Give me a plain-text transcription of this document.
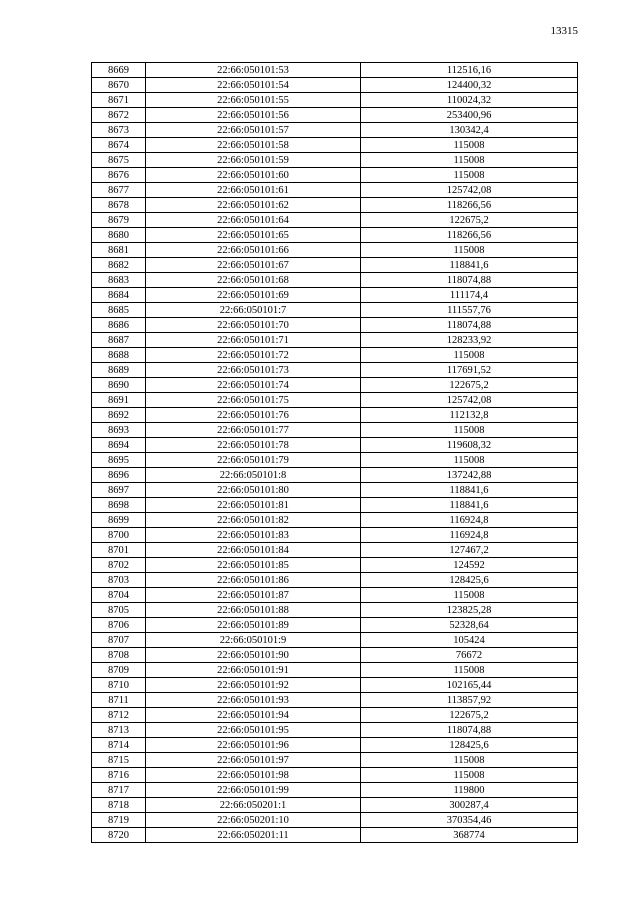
13315
8669	22:66:050101:53	112516,16
8670	22:66:050101:54	124400,32
8671	22:66:050101:55	110024,32
8672	22:66:050101:56	253400,96
8673	22:66:050101:57	130342,4
8674	22:66:050101:58	115008
8675	22:66:050101:59	115008
8676	22:66:050101:60	115008
8677	22:66:050101:61	125742,08
8678	22:66:050101:62	118266,56
8679	22:66:050101:64	122675,2
8680	22:66:050101:65	118266,56
8681	22:66:050101:66	115008
8682	22:66:050101:67	118841,6
8683	22:66:050101:68	118074,88
8684	22:66:050101:69	111174,4
8685	22:66:050101:7	111557,76
8686	22:66:050101:70	118074,88
8687	22:66:050101:71	128233,92
8688	22:66:050101:72	115008
8689	22:66:050101:73	117691,52
8690	22:66:050101:74	122675,2
8691	22:66:050101:75	125742,08
8692	22:66:050101:76	112132,8
8693	22:66:050101:77	115008
8694	22:66:050101:78	119608,32
8695	22:66:050101:79	115008
8696	22:66:050101:8	137242,88
8697	22:66:050101:80	118841,6
8698	22:66:050101:81	118841,6
8699	22:66:050101:82	116924,8
8700	22:66:050101:83	116924,8
8701	22:66:050101:84	127467,2
8702	22:66:050101:85	124592
8703	22:66:050101:86	128425,6
8704	22:66:050101:87	115008
8705	22:66:050101:88	123825,28
8706	22:66:050101:89	52328,64
8707	22:66:050101:9	105424
8708	22:66:050101:90	76672
8709	22:66:050101:91	115008
8710	22:66:050101:92	102165,44
8711	22:66:050101:93	113857,92
8712	22:66:050101:94	122675,2
8713	22:66:050101:95	118074,88
8714	22:66:050101:96	128425,6
8715	22:66:050101:97	115008
8716	22:66:050101:98	115008
8717	22:66:050101:99	119800
8718	22:66:050201:1	300287,4
8719	22:66:050201:10	370354,46
8720	22:66:050201:11	368774
